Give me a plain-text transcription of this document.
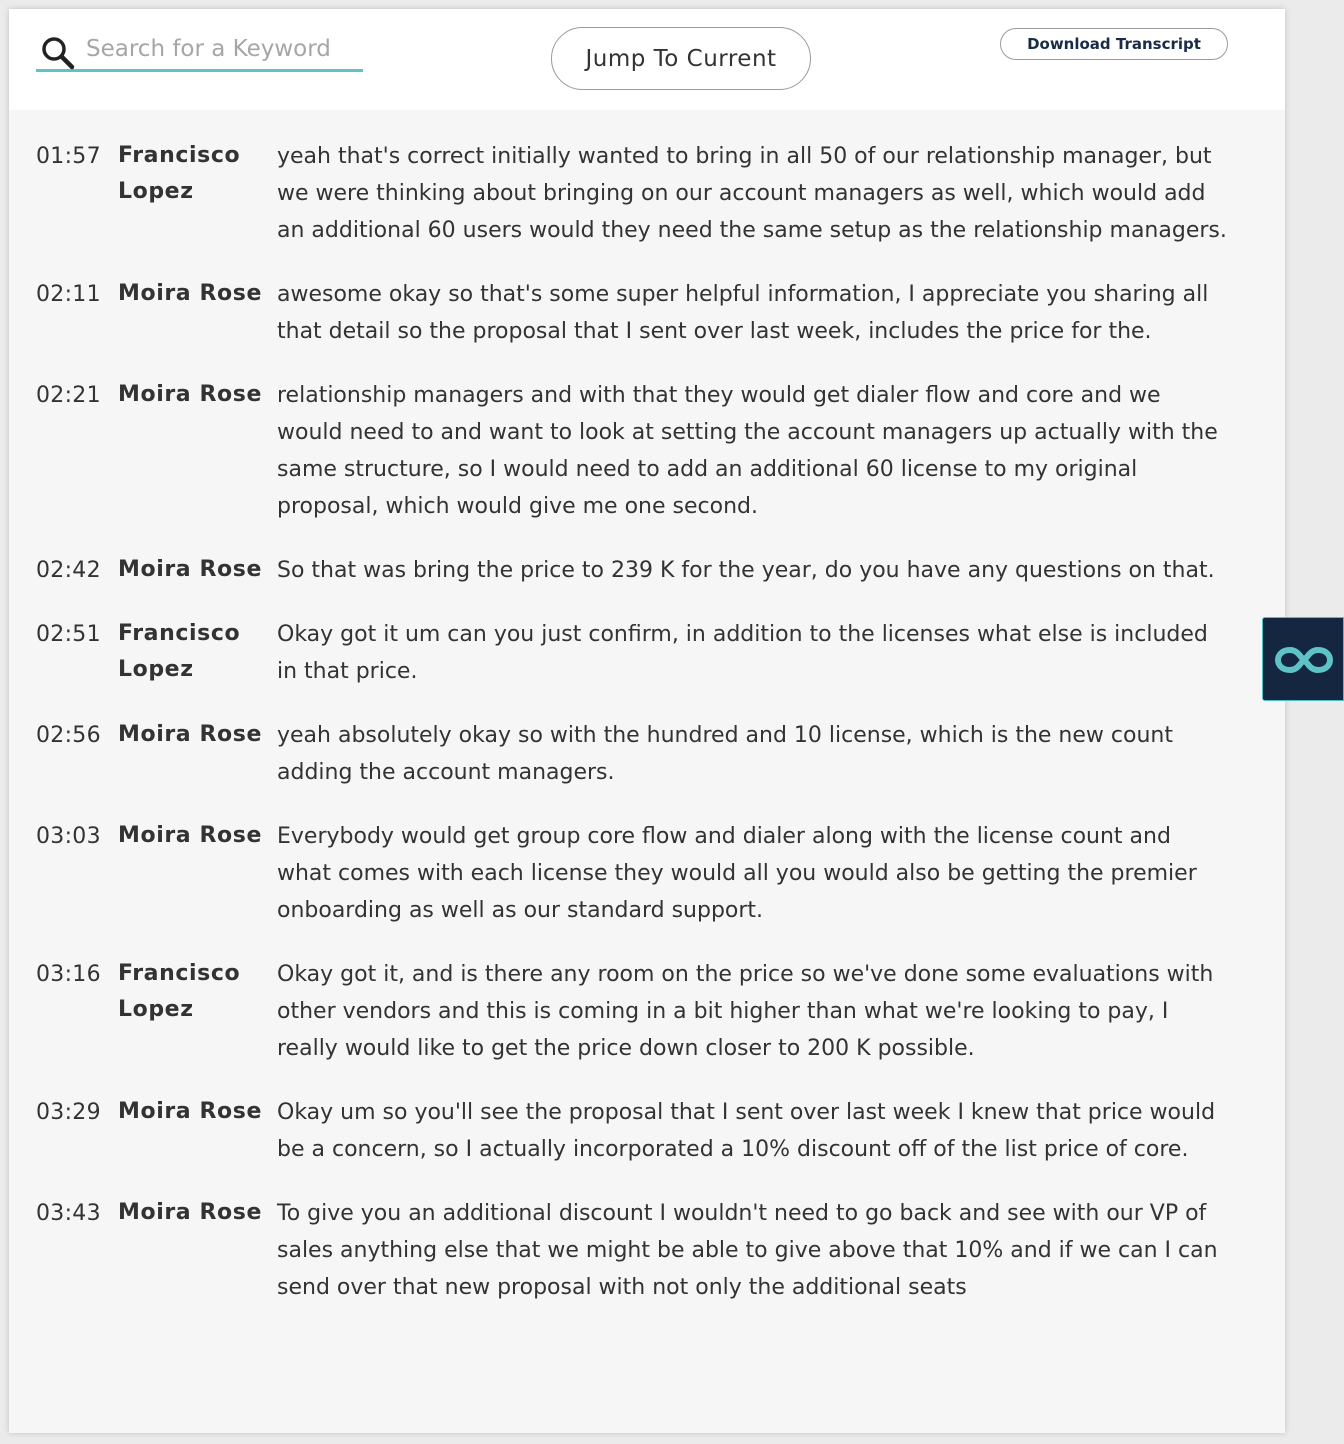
Search for a Keyword
Jump To Current
Download Transcript
01:57 Francisco Lopez
yeah that's correct initially wanted to bring in all 50 of our relationship manager, but we were thinking about bringing on our account managers as well, which would add an additional 60 users would they need the same setup as the relationship managers.
02:11 Moira Rose awesome okay so that's some super helpful information, I appreciate you sharing all that detail so the proposal that I sent over last week, includes the price for the.
02:21 Moira Rose relationship managers and with that they would get dialer flow and core and we would need to and want to look at setting the account managers up actually with the same structure, so I would need to add an additional 60 license to my original proposal, which would give me one second.
02:42 Moira Rose So that was bring the price to 239 K for the year, do you have any questions on that.
02:51 Francisco Lopez
Okay got it um can you just confirm, in addition to the licenses what else is included in that price.
02:56 Moira Rose yeah absolutely okay so with the hundred and 10 license, which is the new count adding the account managers.
03:03 Moira Rose Everybody would get group core flow and dialer along with the license count and what comes with each license they would all you would also be getting the premier onboarding as well as our standard support.
03:16 Francisco Lopez
Okay got it, and is there any room on the price so we've done some evaluations with other vendors and this is coming in a bit higher than what we're looking to pay, I really would like to get the price down closer to 200 K possible.
03:29 Moira Rose Okay um so you'll see the proposal that I sent over last week I knew that price would be a concern, so I actually incorporated a 10% discount off of the list price of core.
03:43 Moira Rose To give you an additional discount I wouldn't need to go back and see with our VP of sales anything else that we might be able to give above that 10% and if we can I can send over that new proposal with not only the additional seats
